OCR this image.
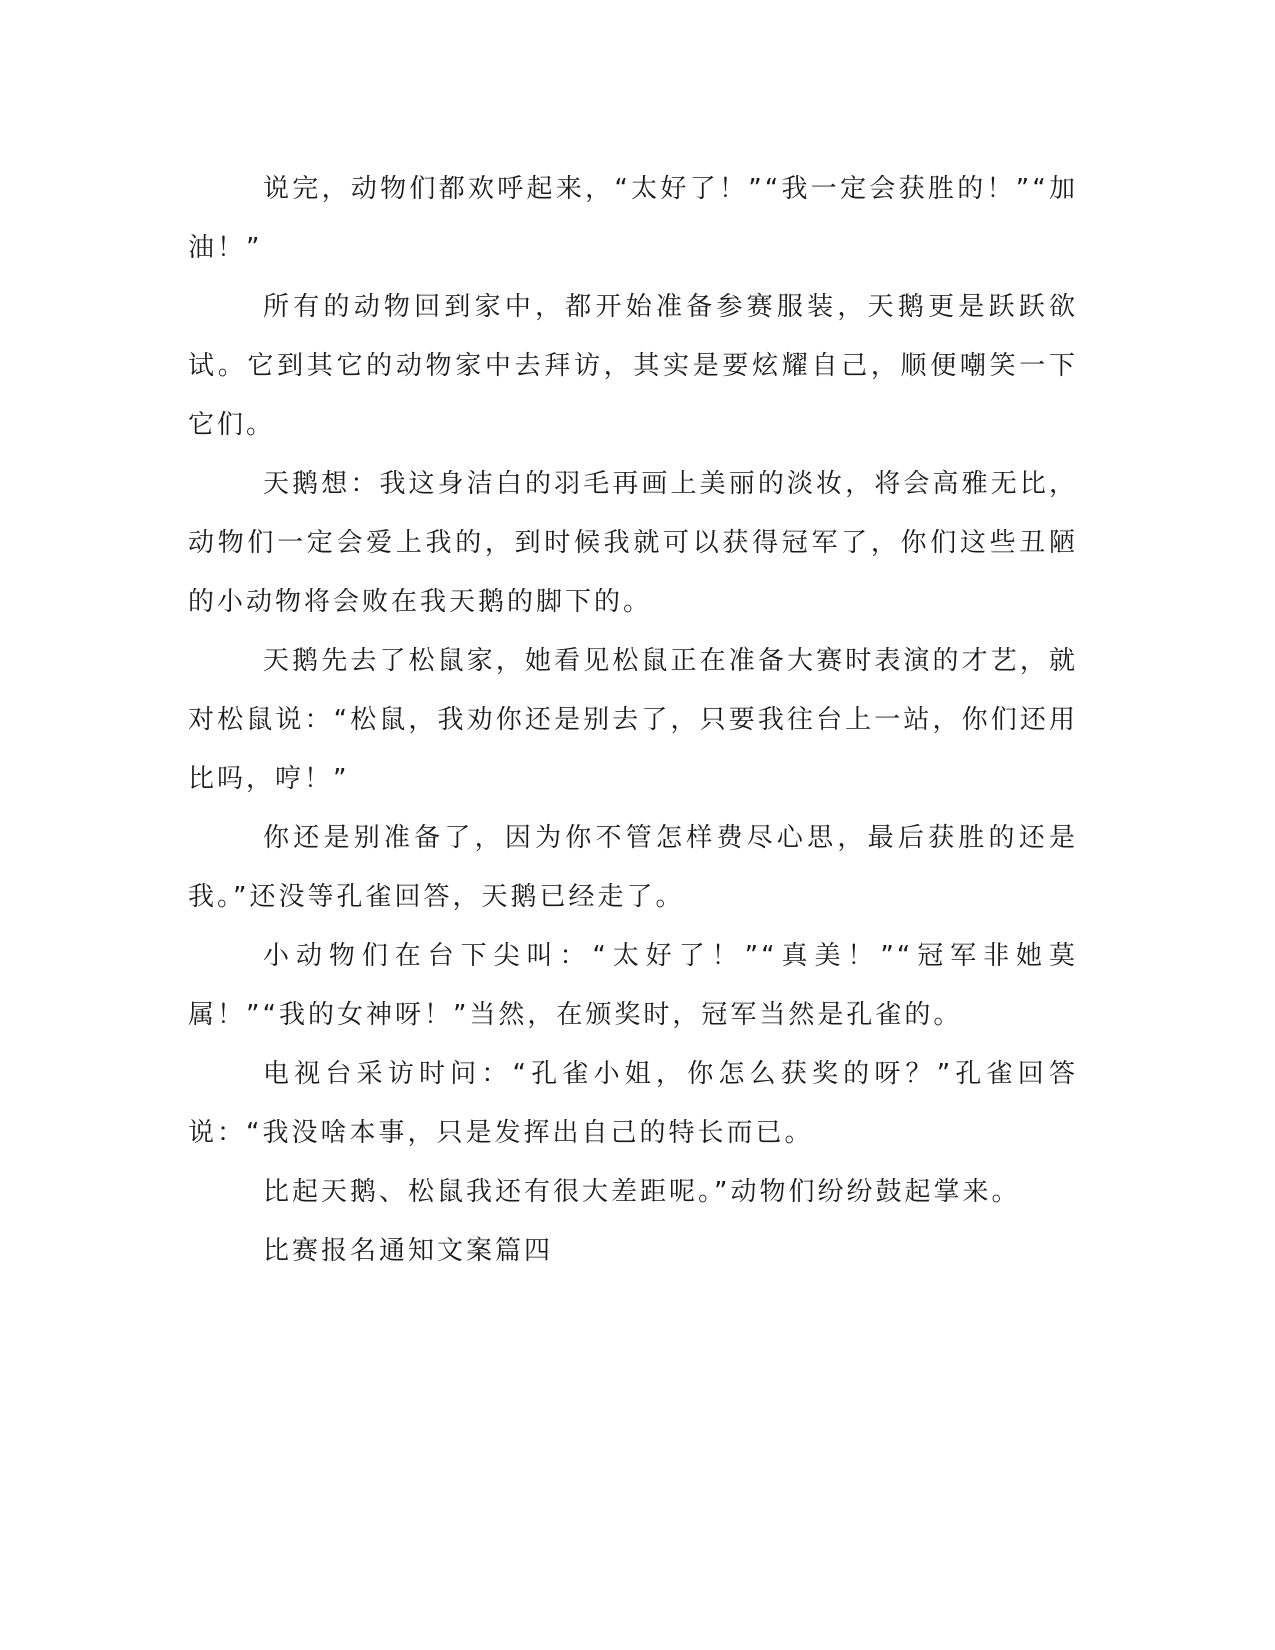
说完，动物们都欢呼起来，“太好了！”“我一定会获胜的！”“加油！”

所有的动物回到家中，都开始准备参赛服装，天鹅更是跃跃欲试。它到其它的动物家中去拜访，其实是要炫耀自己，顺便嘲笑一下它们。

天鹅想：我这身洁白的羽毛再画上美丽的淡妆，将会高雅无比，动物们一定会爱上我的，到时候我就可以获得冠军了，你们这些丑陋的小动物将会败在我天鹅的脚下的。

天鹅先去了松鼠家，她看见松鼠正在准备大赛时表演的才艺，就对松鼠说：“松鼠，我劝你还是别去了，只要我往台上一站，你们还用比吗，哼！”

你还是别准备了，因为你不管怎样费尽心思，最后获胜的还是我。”还没等孔雀回答，天鹅已经走了。

小动物们在台下尖叫：“太好了！”“真美！”“冠军非她莫属！”“我的女神呀！”当然，在颁奖时，冠军当然是孔雀的。

电视台采访时问：“孔雀小姐，你怎么获奖的呀？”孔雀回答说：“我没啥本事，只是发挥出自己的特长而已。

比起天鹅、松鼠我还有很大差距呢。”动物们纷纷鼓起掌来。

比赛报名通知文案篇四
